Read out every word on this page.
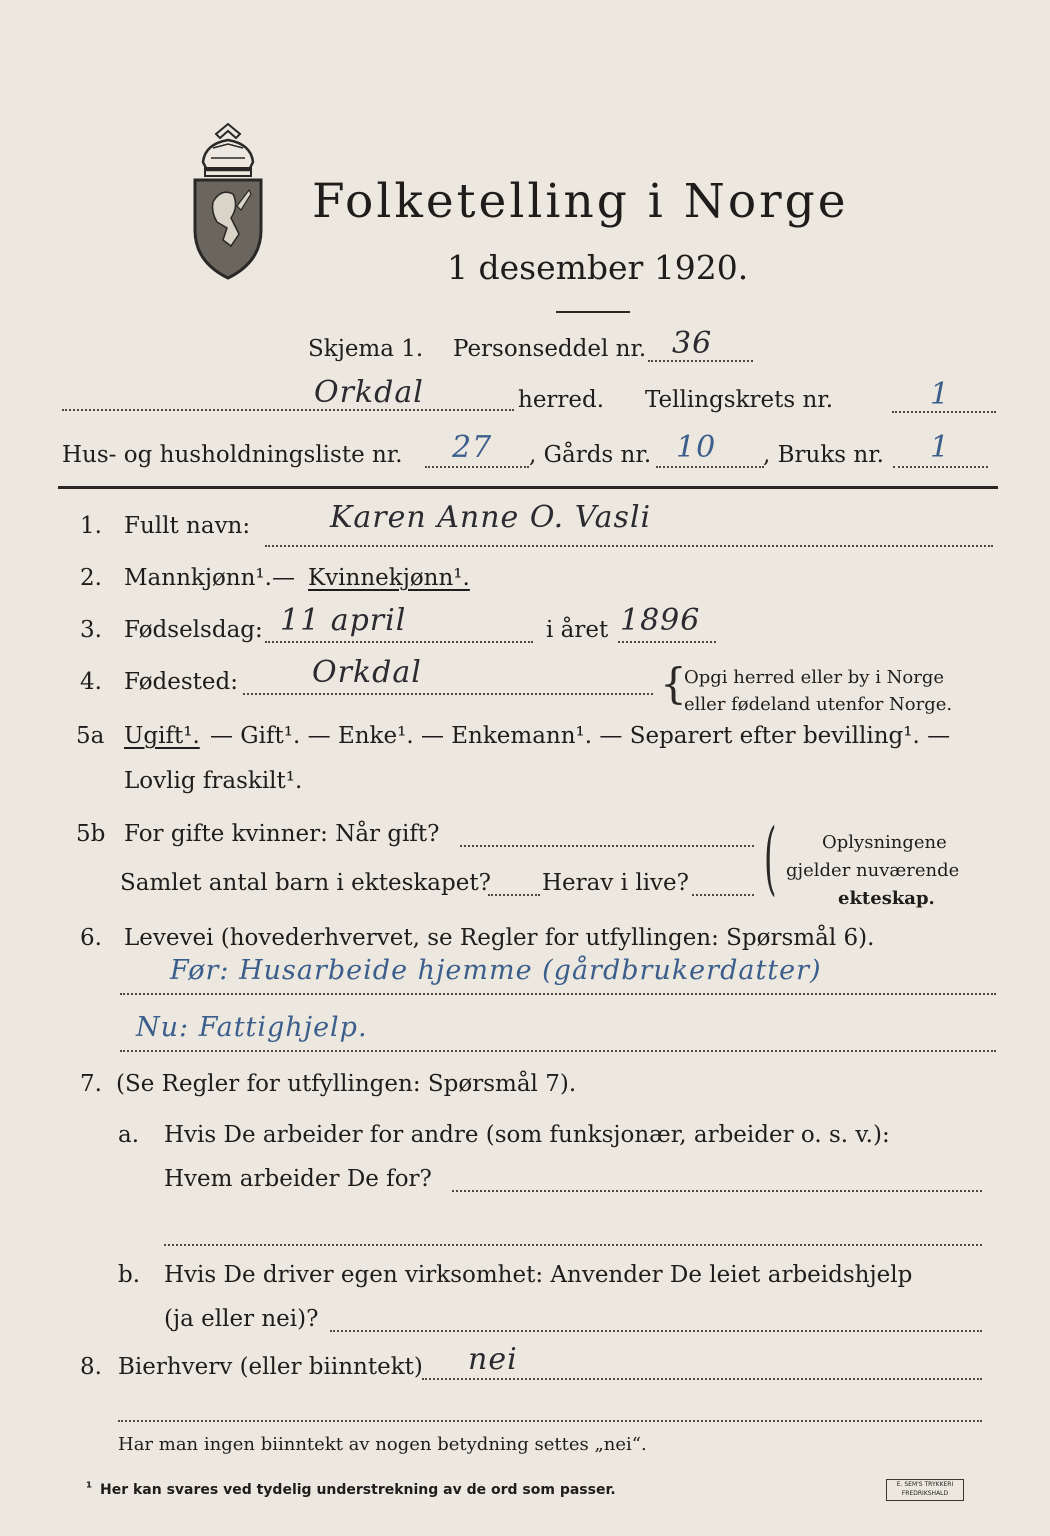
Folketelling i Norge
1 desember 1920.
Skjema 1. Personseddel nr. 36
Orkdal	herred. Tellingskrets nr.	1
Hus- og husholdningsliste nr. 27 , Gårds nr. 10 , Bruks nr. 1
1. Fullt navn:	Karen Anne O. Vasli
2. Mannkjønn¹. — Kvinnekjønn¹.
3. Fødselsdag: 11 april	i året 1896
4. Fødested: Orkdal	{
Opgi herred eller by i Norge
eller fødeland utenfor Norge.
5a Ugift¹. — Gift¹. — Enke¹. — Enkemann¹. — Separert efter bevilling¹. —
Lovlig fraskilt¹.
5b For gifte kvinner: Når gift?
Samlet antal barn i ekteskapet? Herav i live? (	Oplysningene
gjelder nuværende
ekteskap.
6. Levevei (hovederhvervet, se Regler for utfyllingen: Spørsmål 6).
Før: Husarbeide hjemme (gårdbrukerdatter)
Nu: Fattighjelp.
7. (Se Regler for utfyllingen: Spørsmål 7).
a. Hvis De arbeider for andre (som funksjonær, arbeider o. s. v.):
Hvem arbeider De for?
b. Hvis De driver egen virksomhet: Anvender De leiet arbeidshjelp
(ja eller nei)?
8. Bierhverv (eller biinntekt) nei
Har man ingen biinntekt av nogen betydning settes „nei“.
¹ Her kan svares ved tydelig understrekning av de ord som passer.	E. SEM'S TRYKKERI FREDRIKSHALD
